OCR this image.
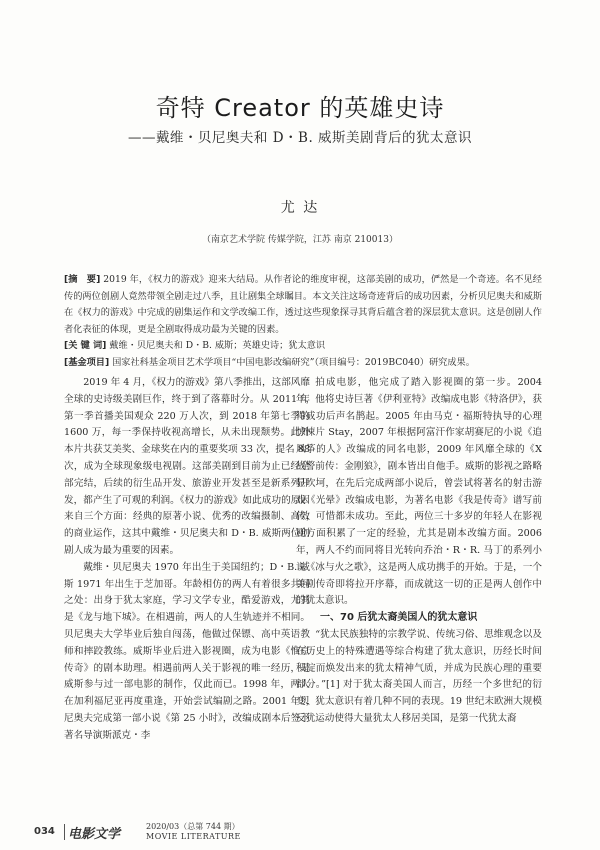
奇特 Creator 的英雄史诗
——戴维・贝尼奥夫和 D・B. 威斯美剧背后的犹太意识
尤 达
（南京艺术学院 传媒学院，江苏 南京 210013）

[摘　要] 2019 年，《权力的游戏》迎来大结局。从作者论的维度审视，这部美剧的成功，俨然是一个奇迹。名不见经传的两位创剧人竟然带领全剧走过八季，且让剧集全球瞩目。本文关注这场奇迹背后的成功因素，分析贝尼奥夫和威斯在《权力的游戏》中完成的剧集运作和文学改编工作，透过这些现象探寻其背后蕴含着的深层犹太意识。这是创剧人作者化表征的体现，更是全剧取得成功最为关键的因素。

[关 键 词] 戴维・贝尼奥夫和 D・B. 威斯；英雄史诗；犹太意识

[基金项目] 国家社科基金项目艺术学项目“中国电影改编研究”（项目编号：2019BC040）研究成果。

2019 年 4 月，《权力的游戏》第八季推出，这部风靡全球的史诗级美剧巨作，终于到了落幕时分。从 2011 年第一季首播美国观众 220 万人次，到 2018 年第七季的 1600 万，每一季保持收视高增长，从未出现颓势。此外本片共获艾美奖、金球奖在内的重要奖项 33 次，提名 88 次，成为全球现象级电视剧。这部美剧到目前为止已经全部完结，后续的衍生品开发、旅游业开发甚至是新系列开发，都产生了可观的利润。《权力的游戏》如此成功的原因来自三个方面：经典的原著小说、优秀的改编摄制、高效的商业运作，这其中戴维・贝尼奥夫和 D・B. 威斯两位创剧人成为最为重要的因素。

戴维・贝尼奥夫 1970 年出生于美国纽约；D・B. 威斯 1971 年出生于芝加哥。年龄相仿的两人有着很多共同之处：出身于犹太家庭，学习文学专业，酷爱游戏，尤其是《龙与地下城》。在相遇前，两人的人生轨迹并不相同。贝尼奥夫大学毕业后独自闯荡，他做过保镖、高中英语教师和摔跤教练。威斯毕业后进入影视圈，成为电影《惟京传奇》的剧本助理。相遇前两人关于影视的唯一经历，是威斯参与过一部电影的制作，仅此而已。1998 年，两人在加利福尼亚再度重逢，开始尝试编剧之路。2001 年贝尼奥夫完成第一部小说《第 25 小时》，改编成剧本后签下著名导演斯派克・李

拍成电影，他完成了踏入影视圈的第一步。2004 年，他将史诗巨著《伊利亚特》改编成电影《特洛伊》，获得成功后声名鹊起。2005 年由马克・福斯特执导的心理惊悚片 Stay，2007 年根据阿富汗作家胡赛尼的小说《追风筝的人》改编成的同名电影，2009 年风靡全球的《X 战警前传：金刚狼》，剧本皆出自他手。威斯的影视之路略显坎坷，在先后完成两部小说后，曾尝试将著名的射击游戏《光晕》改编成电影，为著名电影《我是传奇》谱写前传，可惜都未成功。至此，两位三十多岁的年轻人在影视剧方面积累了一定的经验，尤其是剧本改编方面。2006 年，两人不约而同将目光转向乔治・R・R. 马丁的系列小说《冰与火之歌》，这是两人成功携手的开始。于是，一个美剧传奇即将拉开序幕，而成就这一切的正是两人创作中的犹太意识。

一、70 后犹太裔美国人的犹太意识

“犹太民族独特的宗教学说、传统习俗、思维观念以及在历史上的特殊遭遇等综合构建了犹太意识，历经长时间积淀而焕发出来的犹太精神气质，并成为民族心理的重要部分。”[1] 对于犹太裔美国人而言，历经一个多世纪的衍变，犹太意识有着几种不同的表现。19 世纪末欧洲大规模反犹运动使得大量犹太人移居美国，是第一代犹太裔

034 电影文学
2020/03（总第 744 期）
MOVIE LITERATURE
